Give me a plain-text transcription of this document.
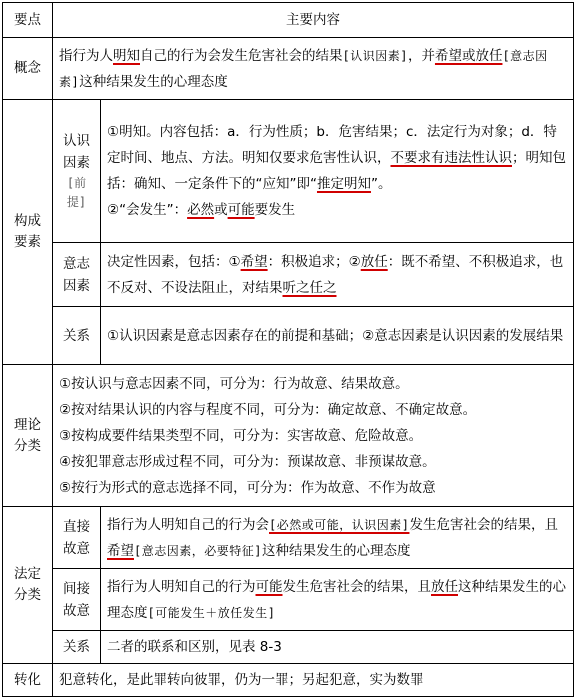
要点	主要内容	
概念	指行为人明知自己的行为会发生危害社会的结果[认识因素]，并希望或放任[意志因素]这种结果发生的心理态度	
构成要素	认识因素[前提]	①明知。内容包括：a．行为性质；b．危害结果；c．法定行为对象；d．特定时间、地点、方法。明知仅要求危害性认识，不要求有违法性认识；明知包括：确知、一定条件下的“应知”即“推定明知”。
②“会发生”：必然或可能要发生

	意志因素	决定性因素，包括：①希望：积极追求；②放任：既不希望、不积极追求，也不反对、不设法阻止，对结果听之任之
	关系	①认识因素是意志因素存在的前提和基础；②意志因素是认识因素的发展结果
理论分类	①按认识与意志因素不同，可分为：行为故意、结果故意。
②按对结果认识的内容与程度不同，可分为：确定故意、不确定故意。
③按构成要件结果类型不同，可分为：实害故意、危险故意。
④按犯罪意志形成过程不同，可分为：预谋故意、非预谋故意。
⑤按行为形式的意志选择不同，可分为：作为故意、不作为故意	

法定分类	直接故意	指行为人明知自己的行为会[必然或可能，认识因素]发生危害社会的结果，且希望[意志因素，必要特征]这种结果发生的心理态度
	间接故意	指行为人明知自己的行为可能发生危害社会的结果，且放任这种结果发生的心理态度[可能发生＋放任发生]
	关系	二者的联系和区别，见表 8-3
转化	犯意转化，是此罪转向彼罪，仍为一罪；另起犯意，实为数罪	
